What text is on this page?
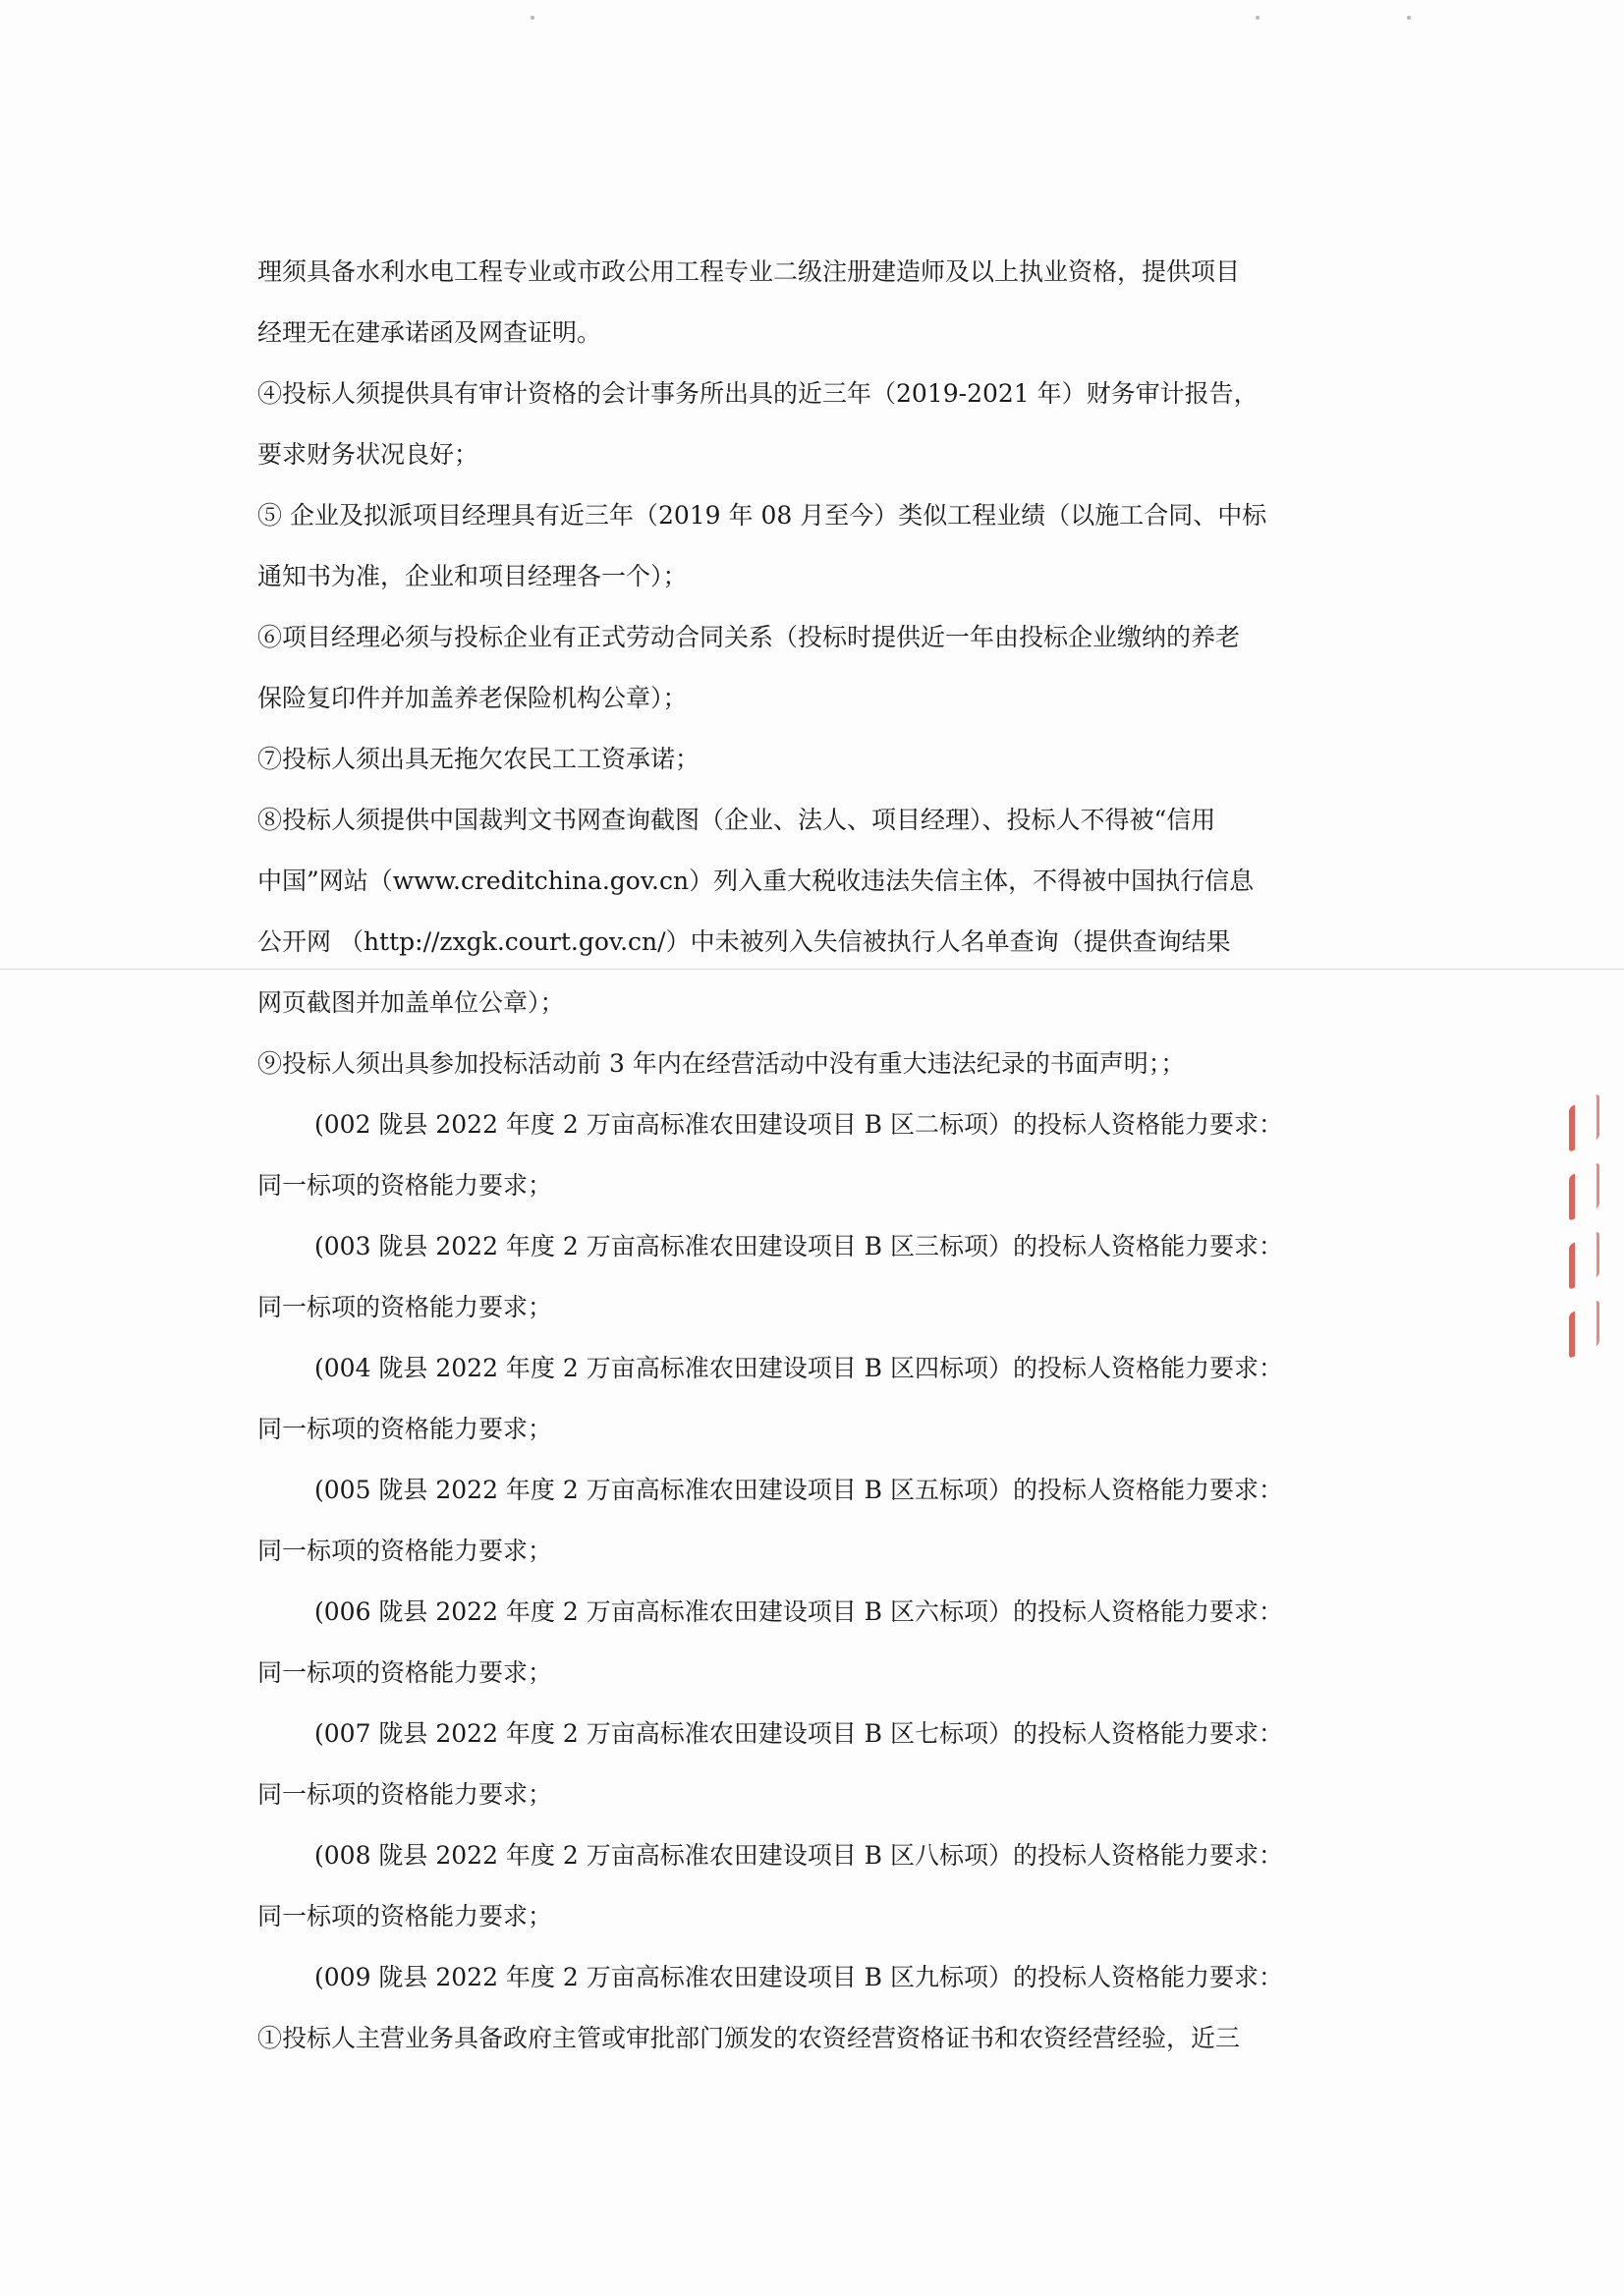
理须具备水利水电工程专业或市政公用工程专业二级注册建造师及以上执业资格，提供项目
经理无在建承诺函及网查证明。
④投标人须提供具有审计资格的会计事务所出具的近三年（2019-2021 年）财务审计报告，
要求财务状况良好；
⑤ 企业及拟派项目经理具有近三年（2019 年 08 月至今）类似工程业绩（以施工合同、中标
通知书为准，企业和项目经理各一个）；
⑥项目经理必须与投标企业有正式劳动合同关系（投标时提供近一年由投标企业缴纳的养老
保险复印件并加盖养老保险机构公章）；
⑦投标人须出具无拖欠农民工工资承诺；
⑧投标人须提供中国裁判文书网查询截图（企业、法人、项目经理）、投标人不得被“信用
中国”网站（www.creditchina.gov.cn）列入重大税收违法失信主体，不得被中国执行信息
公开网 （http://zxgk.court.gov.cn/）中未被列入失信被执行人名单查询（提供查询结果
网页截图并加盖单位公章）；
⑨投标人须出具参加投标活动前 3 年内在经营活动中没有重大违法纪录的书面声明；；
(002 陇县 2022 年度 2 万亩高标准农田建设项目 B 区二标项）的投标人资格能力要求：
同一标项的资格能力要求；
(003 陇县 2022 年度 2 万亩高标准农田建设项目 B 区三标项）的投标人资格能力要求：
同一标项的资格能力要求；
(004 陇县 2022 年度 2 万亩高标准农田建设项目 B 区四标项）的投标人资格能力要求：
同一标项的资格能力要求；
(005 陇县 2022 年度 2 万亩高标准农田建设项目 B 区五标项）的投标人资格能力要求：
同一标项的资格能力要求；
(006 陇县 2022 年度 2 万亩高标准农田建设项目 B 区六标项）的投标人资格能力要求：
同一标项的资格能力要求；
(007 陇县 2022 年度 2 万亩高标准农田建设项目 B 区七标项）的投标人资格能力要求：
同一标项的资格能力要求；
(008 陇县 2022 年度 2 万亩高标准农田建设项目 B 区八标项）的投标人资格能力要求：
同一标项的资格能力要求；
(009 陇县 2022 年度 2 万亩高标准农田建设项目 B 区九标项）的投标人资格能力要求：
①投标人主营业务具备政府主管或审批部门颁发的农资经营资格证书和农资经营经验，近三
